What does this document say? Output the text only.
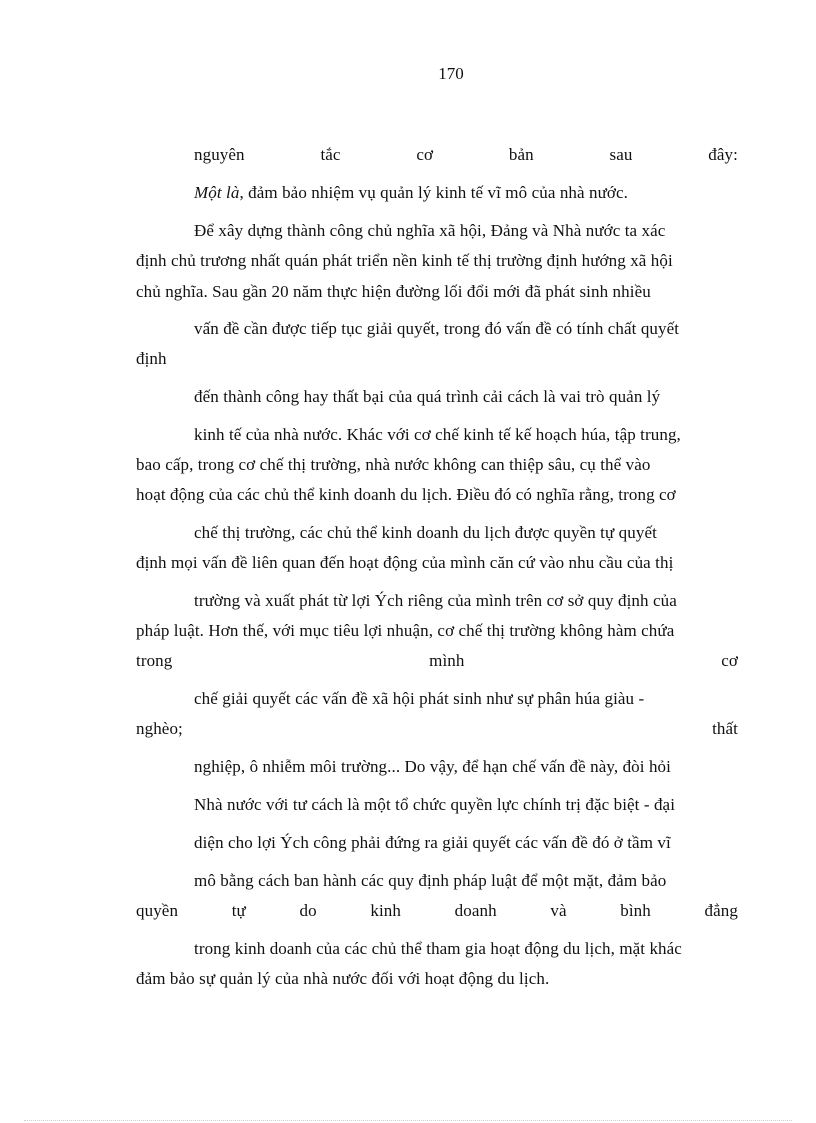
170
nguyên	tắc	cơ	bản	sau	đây:
Một là, đảm bảo nhiệm vụ quản lý kinh tế vĩ mô của nhà nước.
Để xây dựng thành công chủ nghĩa xã hội, Đảng và Nhà nước ta xác
định chủ trương nhất quán phát triển nền kinh tế thị trường định hướng xã hội
chủ nghĩa. Sau gần 20 năm thực hiện đường lối đổi mới đã phát sinh nhiều
vấn đề cần được tiếp tục giải quyết, trong đó vấn đề có tính chất quyết
định
đến thành công hay thất bại của quá trình cải cách là vai trò quản lý
kinh tế của nhà nước. Khác với cơ chế kinh tế kế hoạch húa, tập trung,
bao cấp, trong cơ chế thị trường, nhà nước không can thiệp sâu, cụ thể vào
hoạt động của các chủ thể kinh doanh du lịch. Điều đó có nghĩa rằng, trong cơ
chế thị trường, các chủ thể kinh doanh du lịch được quyền tự quyết
định mọi vấn đề liên quan đến hoạt động của mình căn cứ vào nhu cầu của thị
trường và xuất phát từ lợi Ých riêng của mình trên cơ sở quy định của
pháp luật. Hơn thế, với mục tiêu lợi nhuận, cơ chế thị trường không hàm chứa
trong	mình	cơ
chế giải quyết các vấn đề xã hội phát sinh như sự phân húa giàu -
nghèo;	thất
nghiệp, ô nhiễm môi trường... Do vậy, để hạn chế vấn đề này, đòi hỏi
Nhà nước với tư cách là một tổ chức quyền lực chính trị đặc biệt - đại
diện cho lợi Ých công phải đứng ra giải quyết các vấn đề đó ở tầm vĩ
mô bằng cách ban hành các quy định pháp luật để một mặt, đảm bảo
quyền	tự	do	kinh	doanh	và	bình	đẳng
trong kinh doanh của các chủ thể tham gia hoạt động du lịch, mặt khác
đảm bảo sự quản lý của nhà nước đối với hoạt động du lịch.
